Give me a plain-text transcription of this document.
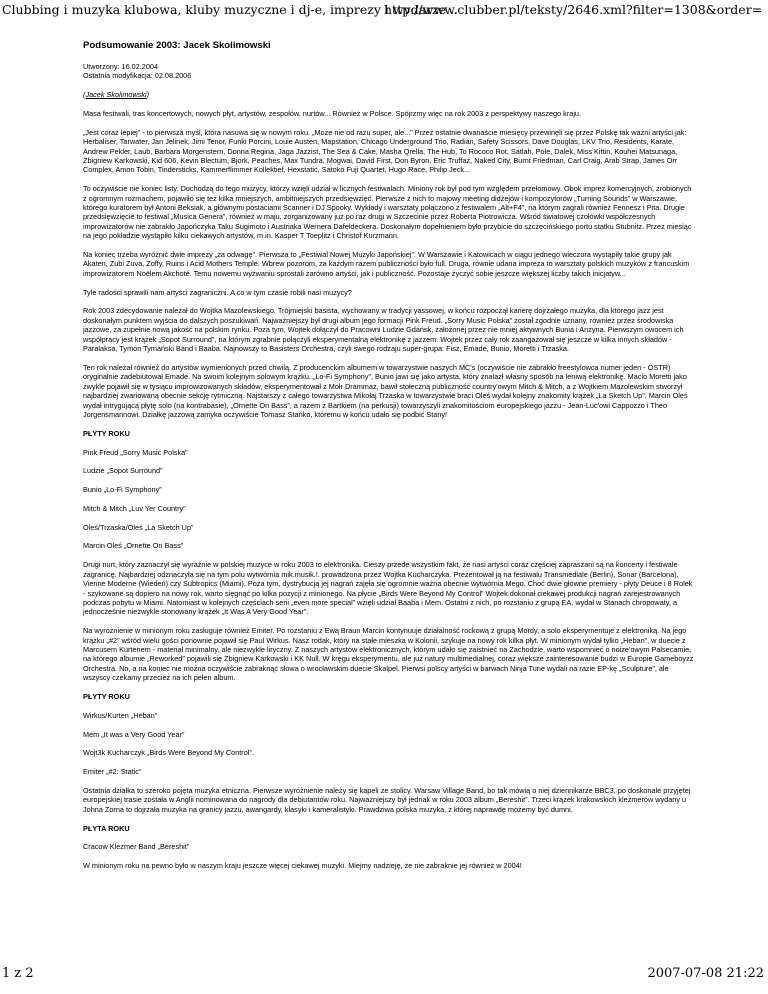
Clubbing i muzyka klubowa, kluby muzyczne i dj-e, imprezy i wydarze...
http://www.clubber.pl/teksty/2646.xml?filter=1308&order=
Podsumowanie 2003: Jacek Skolimowski

Utworzony: 16.02.2004

Ostatnia modyfikacja: 02.08.2006

(Jacek Skolimowski)

Masa festiwali, tras koncertowych, nowych płyt, artystów, zespołów, nurtów... Również w Polsce. Spójrzmy więc na rok 2003 z perspektywy naszego kraju.

„Jest coraz lepiej” - to pierwsza myśl, która nasuwa się w nowym roku. „Może nie od razu super, ale...” Przez ostatnie dwanaście miesięcy przewinęli się przez Polskę tak ważni artyści jak: Herbaliser, Tarwater, Jan Jelinek, Jimi Tenor, Funki Porcini, Louie Austen, Mapstation, Chicago Underground Trio, Radian, Safety Scissors, Dave Douglas, LKV Trio, Residents, Karate, Andrew Pekler, Laub, Barbara Morgenstern, Donna Regina, Jaga Jazzist, The Sea & Cake, Masha Qrella, The Hub, To Rococo Rot, Satlah, Pole, Dalek, Miss Kittin, Kouhei Matsunaga, Zbigniew Karkowski, Kid 606, Kevin Blectum, Bjork, Peaches, Max Tundra, Mogwai, David First, Don Byron, Eric Truffaz, Naked City, Burnt Friedman, Carl Craig, Arab Strap, James Orr Complex, Amon Tobin, Tindersticks, Kammerflimmer Kollektief, Hexstatic, Satoko Fuji Quartet, Hugo Race, Philip Jeck...

To oczywiście nie koniec listy. Dochodzą do tego muzycy, którzy wzięli udział w licznych festiwalach. Miniony rok był pod tym względem przełomowy. Obok imprez komercyjnych, zrobionych z ogromnym rozmachem, pojawiło się też kilka mniejszych, ambitniejszych przedsięwzięć. Pierwsze z nich to majowy meeting didżejów i kompozytorów „Turning Sounds” w Warszawie, którego kuratorem był Antoni Beksiak, a głównymi postaciami Scanner i DJ Spooky. Wykłady i warsztaty połączono z festiwalem „Alt+F4”, na którym zagrali również Fennesz i Pita. Drugie przedsięwzięcie to festiwal „Musica Genera”, również w maju, zorganizowany już po raz drugi w Szczecinie przez Roberta Piotrowicza. Wśród światowej czołówki współczesnych improwizatorów nie zabrakło Japończyka Taku Sugimoto i Austriaka Wernera Dafeldeckera. Doskonałym dopełnieniem było przybicie do szczecińskiego portu statku Stubnitz. Przez miesiąc na jego pokładzie wystąpiło kilku ciekawych artystów, m.in. Kasper T Toeplitz i Christof Kurzmann.

Na koniec trzeba wyróżnić dwie imprezy „za odwagę”. Pierwsza to „Festiwal Nowej Muzyki Japońskiej”. W Warszawie i Katowicach w ciągu jednego wieczora wystąpiły takie grupy jak Akaten, Zubi Zuva, Zoffy, Ruins i Acid Mothers Temple. Wbrew pozorom, za każdym razem publiczności było full. Druga, równie udana impreza to warsztaty polskich muzyków z francuskim improwizatorem Noëlem Akchoté. Temu nowemu wyzwaniu sprostali zarówno artyści, jak i publiczność. Pozostaje życzyć sobie jeszcze większej liczby takich inicjatyw...

Tyle radości sprawili nam artyści zagraniczni. A co w tym czasie robili nasi muzycy?

Rok 2003 zdecydowanie należał do Wojtka Mazolewskiego. Trójmiejski basista, wychowany w tradycji yassowej, w końcu rozpoczął karierę dojrzałego muzyka, dla którego jazz jest doskonałym punktem wyjścia do dalszych poszukiwań. Najważniejszy był drugi album jego formacji Pink Freud. „Sorry Music Polska” został zgodnie uznany, również przez środowiska jazzowe, za zupełnie nową jakość na polskim rynku. Poza tym, Wojtek dołączył do Pracowni Ludzie Gdańsk, założonej przez nie mniej aktywnych Bunia i Anzyna. Pierwszym owocem ich współpracy jest krążek „Sopot Surround”, na którym zgrabnie połączyli eksperymentalną elektronikę z jazzem. Wojtek przez cały rok zaangażował się jeszcze w kilka innych składów - Paralaksa, Tymon Tymański Band i Baaba. Najnowszy to Basisters Orchestra, czyli swego rodzaju super-grupa: Fisz, Emade, Bunio, Moretti i Trzaska.

Ten rok należał również do artystów wymienionych przed chwilą. Z producenckim albumem w towarzystwie naszych MC's (oczywiście nie zabrakło freestylowca numer jeden - OSTR) oryginalnie zadebiutował Emade. Na swoim kolejnym solowym krążku, „Lo-Fi Symphony”, Bunio jawi się jako artysta, który znalazł własny sposób na leniwą elektronikę. Macio Moretti jako zwykle pojawił się w tysiącu improwizowanych składów, eksperymentował z Mołr Drammaz, bawił stołeczną publiczność country'owym Mitch & Mitch, a z Wojtkiem Mazolewskim stworzył najbardziej zwariowaną obecnie sekcję rytmiczną. Najstarszy z całego towarzystwa Mikołaj Trzaska w towarzystwie braci Oleś wydał kolejny znakomity krążek „La Sketch Up”. Marcin Oleś wydał intrygującą płytę solo (na kontrabasie), „Ornette On Bass”, a razem z Bartkiem (na perkusji) towarzyszyli znakomitościom europejskiego jazzu - Jean-Luc'owi Cappozzo i Theo Jorgensmannowi. Działkę jazzową zamyka oczywiście Tomasz Stańko, któremu w końcu udało się podbić Stany!

PŁYTY ROKU

Pink Freud „Sorry Music Polska”

Ludzie „Sopot Surround”

Bunio „Lo-Fi Symphony”

Mitch & Mitch „Luv Yer Country”

Oleś/Trzaska/Oleś „La Sketch Up”

Marcin Oleś „Ornette On Bass”

Drugi nurt, który zaznaczył się wyraźnie w polskiej muzyce w roku 2003 to elektronika. Cieszy przede wszystkim fakt, że nasi artyści coraz częściej zapraszani są na koncerty i festiwale zagranicę. Najbardziej odznaczyła się na tym polu wytwórnia mik.musik.!. prowadzona przez Wojtka Kucharczyka. Prezentował ją na festiwalu Transmediale (Berlin), Sonar (Barcelona), Vienne Moderne (Wiedeń) czy Subtropics (Miami). Poza tym, dystrybucją jej nagrań zajęła się ogromnie ważna obecnie wytwórnia Mego. Choć dwie główne premiery - płyty Deuce i 8 Rolek - szykowane są dopiero na nowy rok, warto sięgnąć po kilka pozycji z minionego. Na płycie „Birds Were Beyond My Control” Wojtek dokonał ciekawej produkcji nagrań zarejestrowanych podczas pobytu w Miami. Natomiast w kolejnych częściach serii „even more special” wzięli udział Baaba i Mem. Ostatni z nich, po rozstaniu z grupą EA, wydał w Stanach chropowaty, a jednocześnie niezwykle stonowany krążek „It Was A Very Good Year”.

Na wyróżnienie w minionym roku zasługuje również Emiter. Po rozstaniu z Ewą Braun Marcin kontynuuje działalność rockową z grupą Mordy, a solo eksperymentuje z elektroniką. Na jego krążku „#2” wśród wielu gości ponownie pojawił się Paul Wirkus. Nasz rodak, który na stałe mieszka w Kolonii, szykuje na nowy rok kilka płyt. W minionym wydał tylko „Heban”, w duecie z Marcusem Kurtenem - materiał minimalny, ale niezwykle liryczny. Z naszych artystów elektronicznych, którym udało się zaistnieć na Zachodzie, warto wspomnieć o noize'owym Palsecamie, na którego albumie „Reworked” pojawili się Zbigniew Karkowski i KK Null. W kręgu eksperymentu, ale już natury multimedialnej, coraz większe zainteresowanie budzi w Europie Gameboyzz Orchestra. No, a na koniec nie można oczywiście zabraknąć słowa o wrocławskim duecie Skalpel. Pierwsi polscy artyści w barwach Ninja Tune wydali na razie EP-kę „Sculpture”, ale wszyscy czekamy przecież na ich pełen album.

PŁYTY ROKU

Wirkus/Kurten „Heban”

Mem „It was a Very Good Year”

Wojt3k Kucharczyk „Birds Were Beyond My Control”.

Emiter „#2: Static”

Ostatnia działka to szeroko pojęta muzyka etniczna. Pierwsze wyróżnienie należy się kapeli ze stolicy. Warsaw Village Band, bo tak mówią o niej dziennikarze BBC3, po doskonale przyjętej europejskiej trasie została w Anglii nominowana do nagrody dla debiutantów roku. Najważniejszy był jednak w roku 2003 album „Bereshit”. Trzeci krążek krakowskich klezmerów wydany u Johna Zorna to dojrzała muzyka na granicy jazzu, awangardy, klasyki i kameralistyki. Prawdziwa polska muzyka, z której naprawdę możemy być dumni.

PŁYTA ROKU

Cracow Klezmer Band „Bereshit”

W minionym roku na pewno było w naszym kraju jeszcze więcej ciekawej muzyki. Miejmy nadzieję, że nie zabraknie jej również w 2004!

1 z 2	2007-07-08 21:22
